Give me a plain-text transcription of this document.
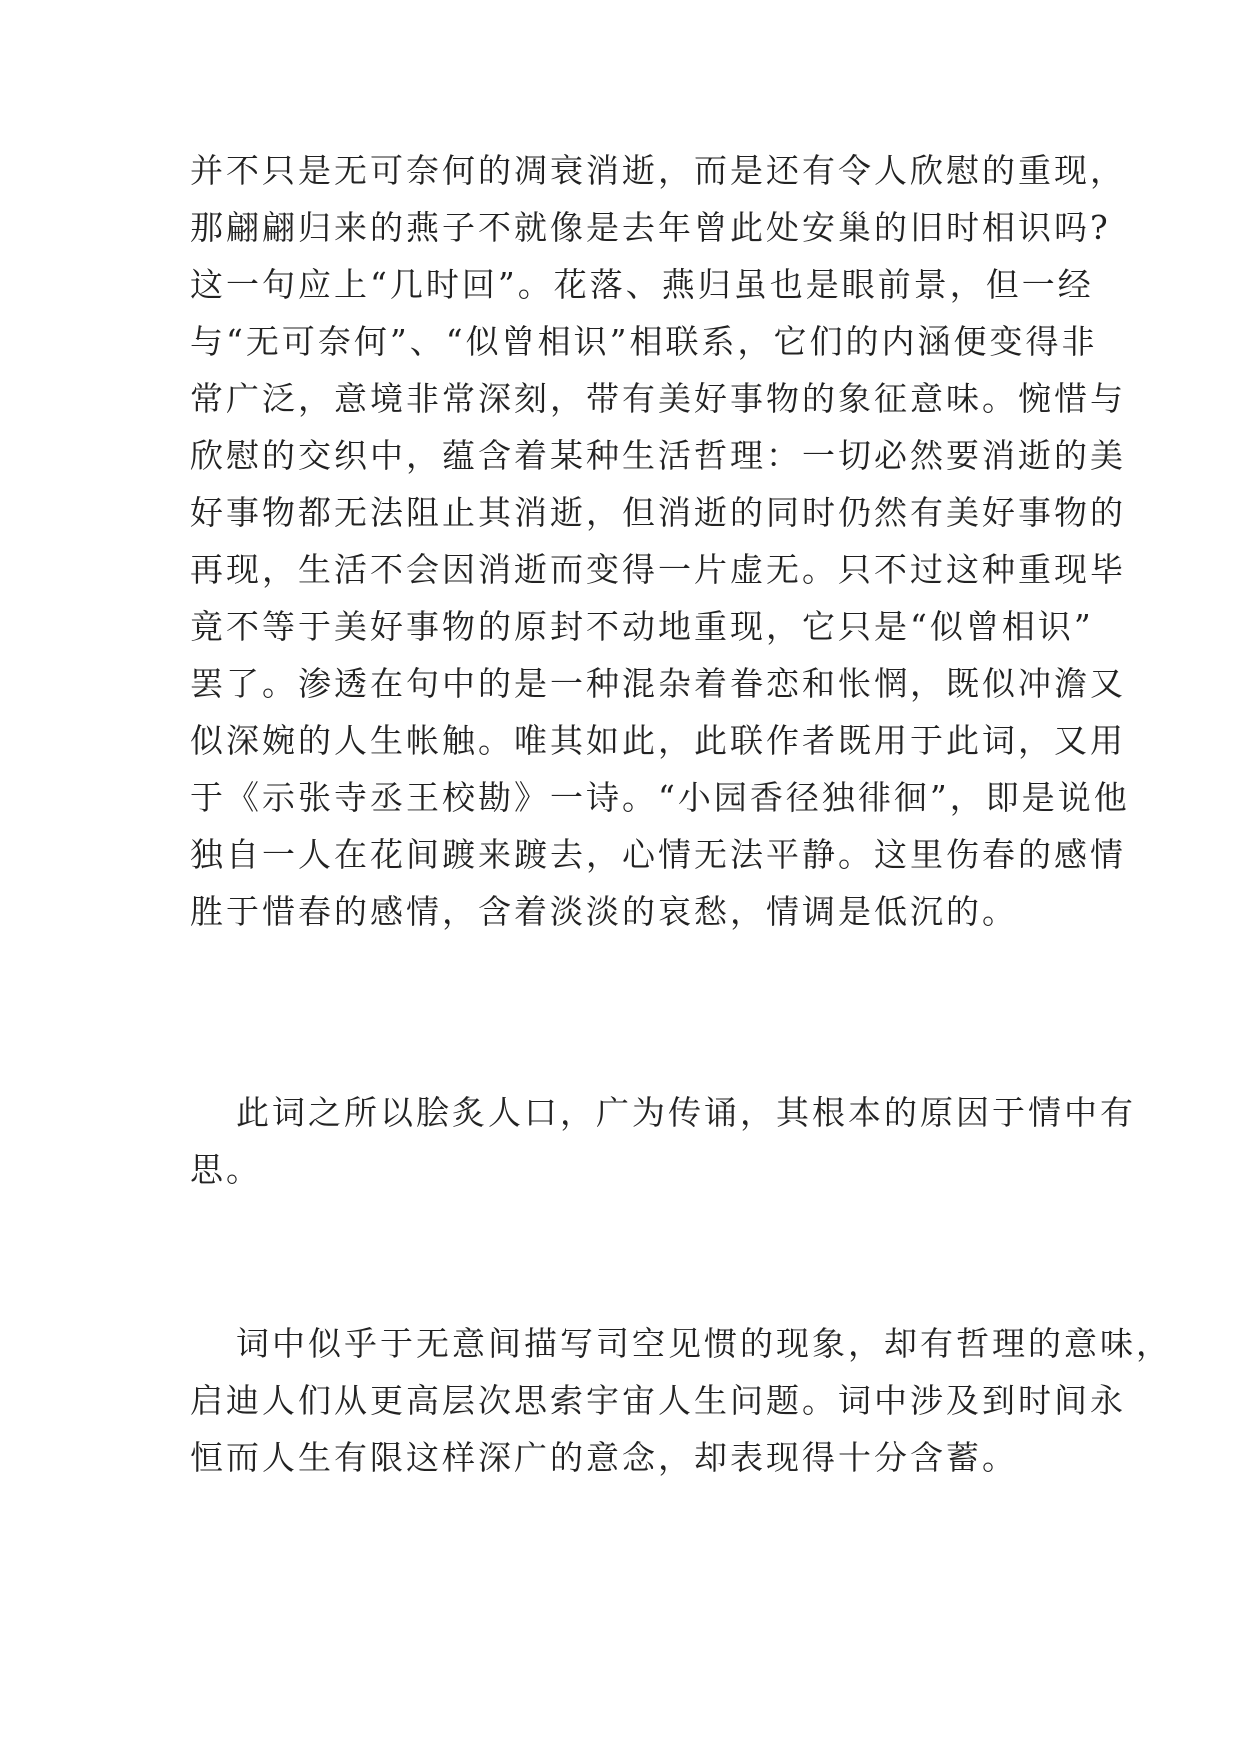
并不只是无可奈何的凋衰消逝，而是还有令人欣慰的重现，
那翩翩归来的燕子不就像是去年曾此处安巢的旧时相识吗?
这一句应上“几时回”。花落、燕归虽也是眼前景，但一经
与“无可奈何”、“似曾相识”相联系，它们的内涵便变得非
常广泛，意境非常深刻，带有美好事物的象征意味。惋惜与
欣慰的交织中，蕴含着某种生活哲理：一切必然要消逝的美
好事物都无法阻止其消逝，但消逝的同时仍然有美好事物的
再现，生活不会因消逝而变得一片虚无。只不过这种重现毕
竟不等于美好事物的原封不动地重现，它只是“似曾相识”
罢了。渗透在句中的是一种混杂着眷恋和怅惘，既似冲澹又
似深婉的人生帐触。唯其如此，此联作者既用于此词，又用
于《示张寺丞王校勘》一诗。“小园香径独徘徊”，即是说他
独自一人在花间踱来踱去，心情无法平静。这里伤春的感情
胜于惜春的感情，含着淡淡的哀愁，情调是低沉的。
此词之所以脍炙人口，广为传诵，其根本的原因于情中有
思。
词中似乎于无意间描写司空见惯的现象，却有哲理的意味，
启迪人们从更高层次思索宇宙人生问题。词中涉及到时间永
恒而人生有限这样深广的意念，却表现得十分含蓄。
